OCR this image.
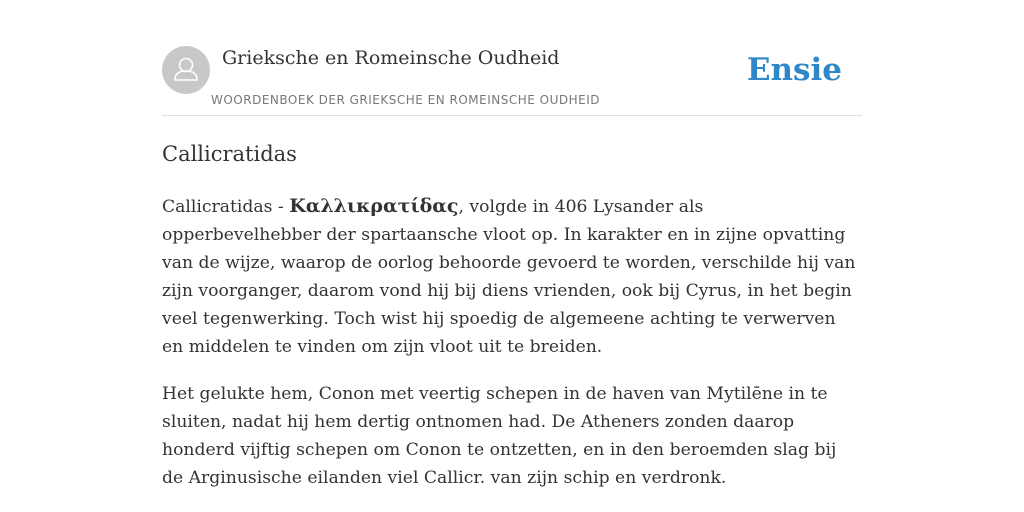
Grieksche en Romeinsche Oudheid
WOORDENBOEK DER GRIEKSCHE EN ROMEINSCHE OUDHEID
Ensie
Callicratidas

Callicratidas - Καλλικρατίδας, volgde in 406 Lysander als opperbevelhebber der spartaansche vloot op. In karakter en in zijne opvatting van de wijze, waarop de oorlog behoorde gevoerd te worden, verschilde hij van zijn voorganger, daarom vond hij bij diens vrienden, ook bij Cyrus, in het begin veel tegenwerking. Toch wist hij spoedig de algemeene achting te verwerven en middelen te vinden om zijn vloot uit te breiden.

Het gelukte hem, Conon met veertig schepen in de haven van Mytilēne in te sluiten, nadat hij hem dertig ontnomen had. De Atheners zonden daarop honderd vijftig schepen om Conon te ontzetten, en in den beroemden slag bij de Arginusische eilanden viel Callicr. van zijn schip en verdronk.
